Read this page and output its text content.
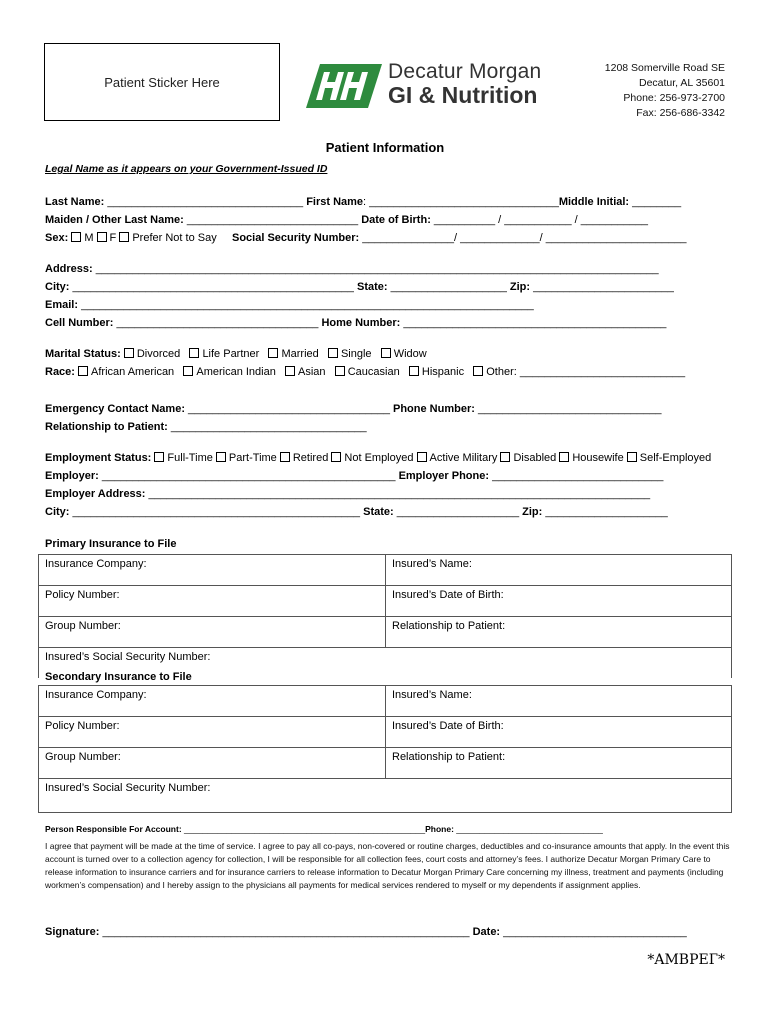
Patient Sticker Here	Decatur Morgan
GI & Nutrition
1208 Somerville Road SE
Decatur, AL 35601
Phone: 256-973-2700
Fax: 256-686-3342
Patient Information
Legal Name as it appears on your Government-Issued ID
Last Name: ________________________________ First Name: _______________________________Middle Initial: ________
Maiden / Other Last Name: ____________________________ Date of Birth: __________ / ___________ / ___________
Sex: M F Prefer Not to Say Social Security Number: _______________/ _____________/ _______________________
Address: ____________________________________________________________________________________________
City: ______________________________________________ State: ___________________ Zip: _______________________
Email: __________________________________________________________________________
Cell Number: _________________________________ Home Number: ___________________________________________
Marital Status: Divorced Life Partner Married Single Widow
Race: African American American Indian Asian Caucasian Hispanic Other: ___________________________
Emergency Contact Name: _________________________________ Phone Number: ______________________________
Relationship to Patient: ________________________________
Employment Status: Full-Time Part-Time Retired Not Employed Active Military Disabled Housewife Self-Employed
Employer: ________________________________________________ Employer Phone: ____________________________
Employer Address: __________________________________________________________________________________
City: _______________________________________________ State: ____________________ Zip: ____________________
Primary Insurance to File
Insurance Company:	Insured’s Name:
Policy Number:	Insured’s Date of Birth:
Group Number:	Relationship to Patient:
Insured’s Social Security Number:	
Secondary Insurance to File
Insurance Company:	Insured’s Name:
Policy Number:	Insured’s Date of Birth:
Group Number:	Relationship to Patient:
Insured’s Social Security Number:	
Person Responsible For Account: ___________________________________________________Phone: _______________________________
I agree that payment will be made at the time of service. I agree to pay all co-pays, non-covered or routine charges, deductibles and co-insurance amounts that apply. In the event this account is turned over to a collection agency for collection, I will be responsible for all collection fees, court costs and attorney’s fees. I authorize Decatur Morgan Primary Care to release information to insurance carriers and for insurance carriers to release information to Decatur Morgan Primary Care concerning my illness, treatment and payments (including workmen’s compensation) and I hereby assign to the physicians all payments for medical services rendered to myself or my dependents if assignment applies.
Signature: ____________________________________________________________ Date: ______________________________
*AMBPEГ*
